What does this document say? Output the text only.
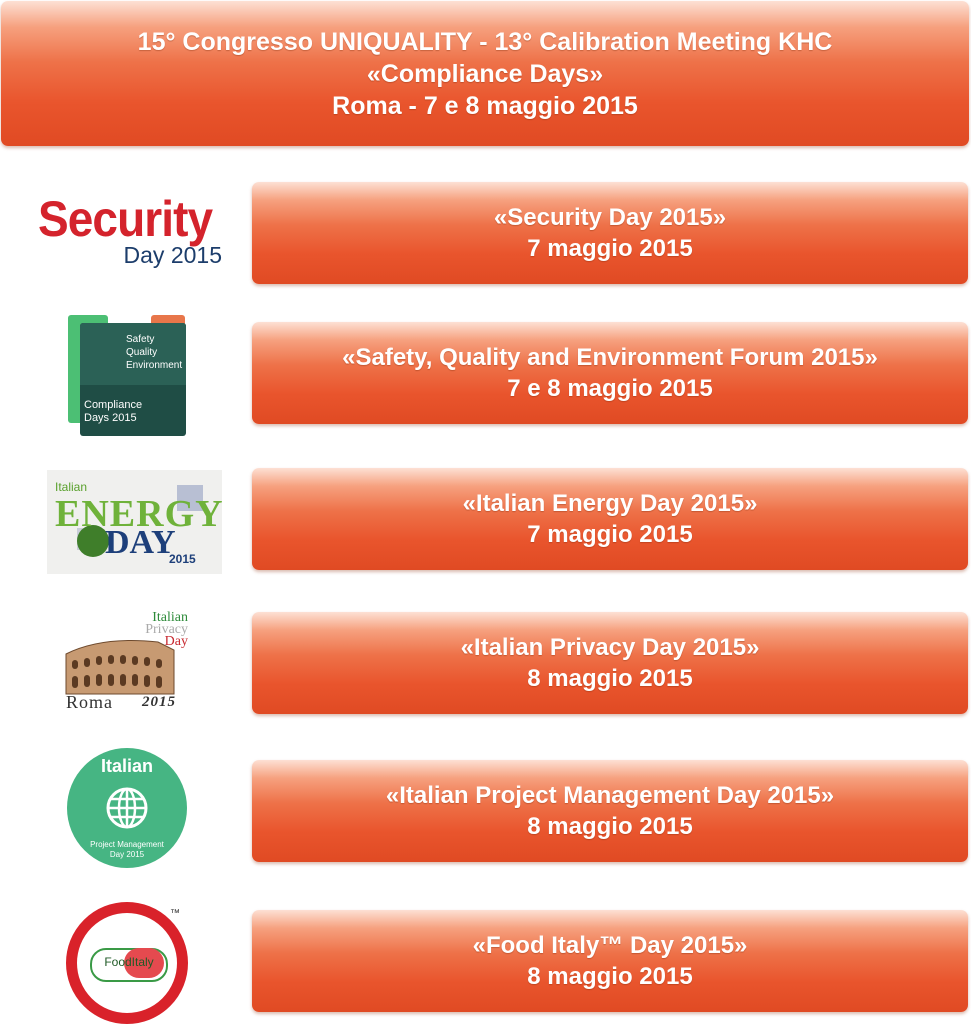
15° Congresso UNIQUALITY - 13° Calibration Meeting KHC
«Compliance Days»
Roma - 7 e 8 maggio 2015
Security
Day 2015
«Security Day 2015»
7 maggio 2015
Safety Quality Environment
Compliance Days 2015
«Safety, Quality and Environment Forum 2015»
7 e 8 maggio 2015
Italian
ENERGY
DAY
2015
«Italian Energy Day 2015»
7 maggio 2015
Italian
Privacy
Day
Roma 2015
«Italian Privacy Day 2015»
8 maggio 2015
Italian
Project Management
Day 2015
«Italian Project Management Day 2015»
8 maggio 2015
™
FoodItaly
«Food Italy™ Day 2015»
8 maggio 2015
